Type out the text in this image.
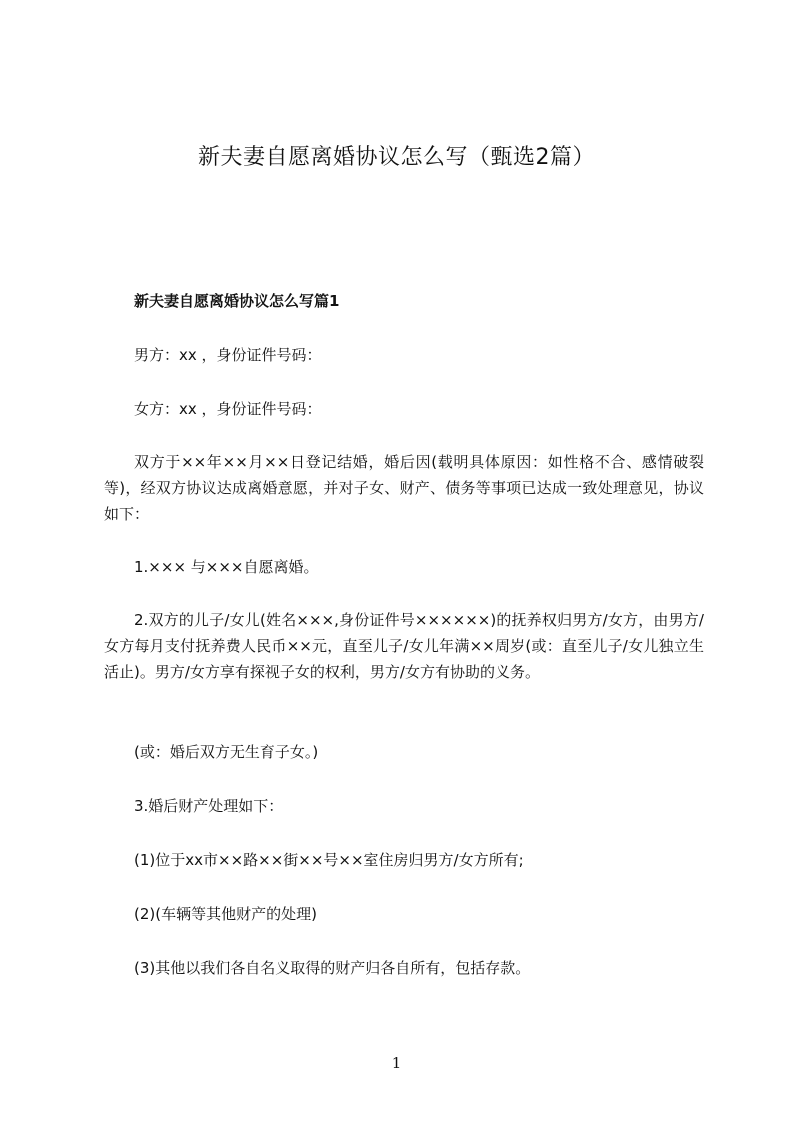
新夫妻自愿离婚协议怎么写（甄选2篇）

新夫妻自愿离婚协议怎么写篇1

男方：xx ，身份证件号码：

女方：xx ，身份证件号码：

双方于××年××月××日登记结婚，婚后因(载明具体原因：如性格不合、感情破裂等)，经双方协议达成离婚意愿，并对子女、财产、债务等事项已达成一致处理意见，协议如下：

1.××× 与×××自愿离婚。

2.双方的儿子/女儿(姓名×××,身份证件号××××××)的抚养权归男方/女方，由男方/女方每月支付抚养费人民币××元，直至儿子/女儿年满××周岁(或：直至儿子/女儿独立生活止)。男方/女方享有探视子女的权利，男方/女方有协助的义务。

(或：婚后双方无生育子女。)

3.婚后财产处理如下：

(1)位于xx市××路××街××号××室住房归男方/女方所有;

(2)(车辆等其他财产的处理)

(3)其他以我们各自名义取得的财产归各自所有，包括存款。

1
